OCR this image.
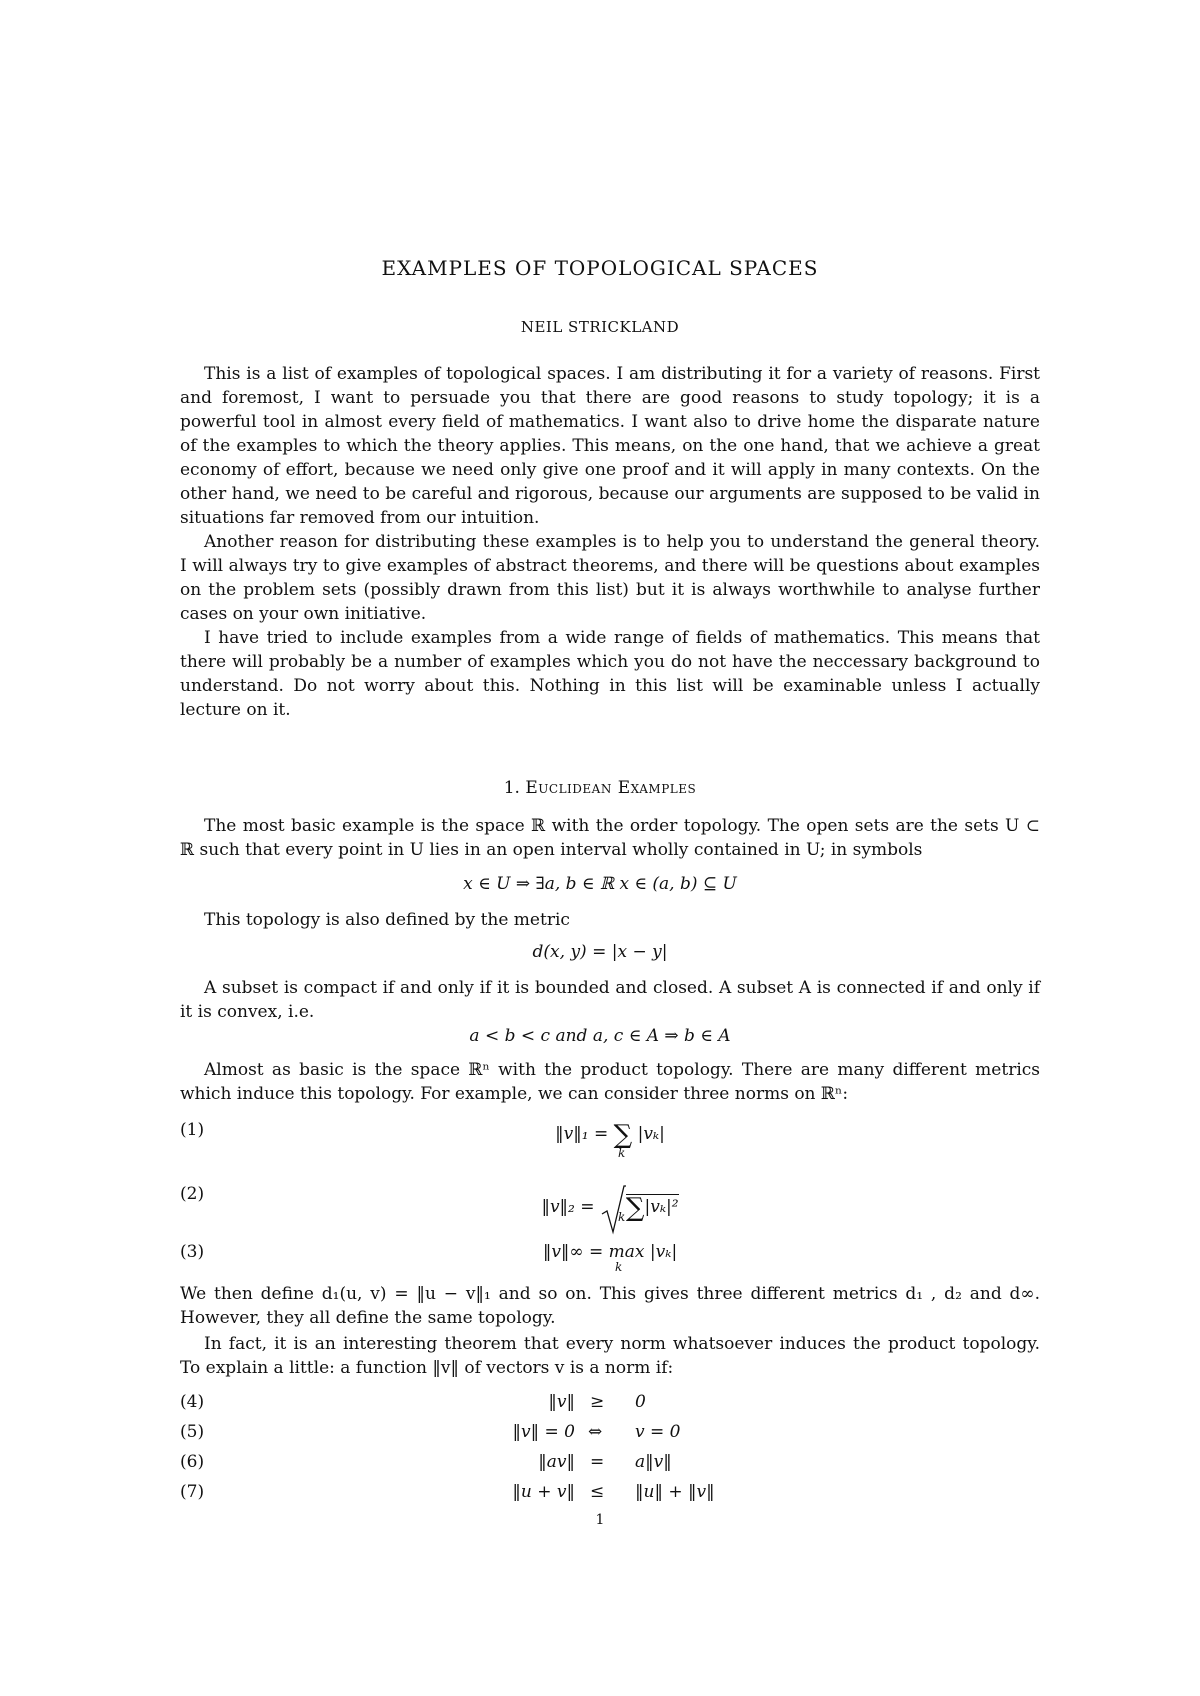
EXAMPLES OF TOPOLOGICAL SPACES
NEIL STRICKLAND

This is a list of examples of topological spaces. I am distributing it for a variety of reasons. First and foremost, I want to persuade you that there are good reasons to study topology; it is a powerful tool in almost every field of mathematics. I want also to drive home the disparate nature of the examples to which the theory applies. This means, on the one hand, that we achieve a great economy of effort, because we need only give one proof and it will apply in many contexts. On the other hand, we need to be careful and rigorous, because our arguments are supposed to be valid in situations far removed from our intuition.

Another reason for distributing these examples is to help you to understand the general theory. I will always try to give examples of abstract theorems, and there will be questions about examples on the problem sets (possibly drawn from this list) but it is always worthwhile to analyse further cases on your own initiative.

I have tried to include examples from a wide range of fields of mathematics. This means that there will probably be a number of examples which you do not have the neccessary background to understand. Do not worry about this. Nothing in this list will be examinable unless I actually lecture on it.

1. Euclidean Examples

The most basic example is the space ℝ with the order topology. The open sets are the sets U ⊂ ℝ such that every point in U lies in an open interval wholly contained in U; in symbols

x ∈ U ⇒ ∃a, b ∈ ℝ x ∈ (a, b) ⊆ U

This topology is also defined by the metric

d(x, y) = |x − y|

A subset is compact if and only if it is bounded and closed. A subset A is connected if and only if it is convex, i.e.

a < b < c and a, c ∈ A ⇒ b ∈ A

Almost as basic is the space ℝⁿ with the product topology. There are many different metrics which induce this topology. For example, we can consider three norms on ℝⁿ:

(1)	‖v‖₁ = ∑ |vₖ|
k
(2)
‖v‖₂ = ∑|vₖ|²
k
(3)	‖v‖∞ = max |vₖ|
k

We then define d₁(u, v) = ‖u − v‖₁ and so on. This gives three different metrics d₁ , d₂ and d∞. However, they all define the same topology.

In fact, it is an interesting theorem that every norm whatsoever induces the product topology. To explain a little: a function ‖v‖ of vectors v is a norm if:

(4)	‖v‖ ≥ 0
(5)	‖v‖ = 0 ⇔ v = 0
(6)	‖av‖ = a‖v‖
(7)	‖u + v‖ ≤ ‖u‖ + ‖v‖
1
